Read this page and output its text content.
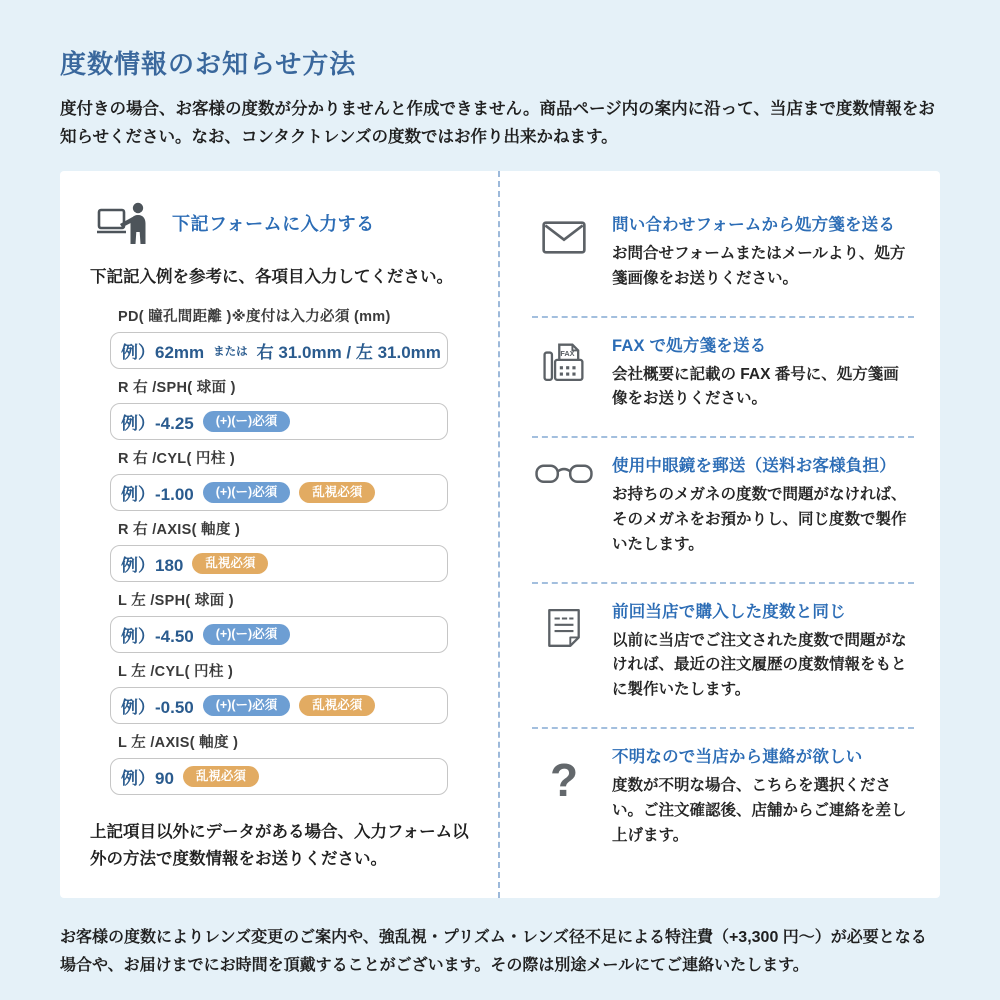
度数情報のお知らせ方法

度付きの場合、お客様の度数が分かりませんと作成できません。商品ページ内の案内に沿って、当店まで度数情報をお知らせください。なお、コンタクトレンズの度数ではお作り出来かねます。

下記フォームに入力する

下記記入例を参考に、各項目入力してください。

PD( 瞳孔間距離 )※度付は入力必須 (mm)
例）62mm または 右 31.0mm / 左 31.0mm
R 右 /SPH( 球面 )
例）-4.25	(+)(ー)必須
R 右 /CYL( 円柱 )
例）-1.00	(+)(ー)必須	乱視必須
R 右 /AXIS( 軸度 )
例）180	乱視必須
L 左 /SPH( 球面 )
例）-4.50	(+)(ー)必須
L 左 /CYL( 円柱 )
例）-0.50	(+)(ー)必須	乱視必須
L 左 /AXIS( 軸度 )
例）90	乱視必須

上記項目以外にデータがある場合、入力フォーム以外の方法で度数情報をお送りください。

問い合わせフォームから処方箋を送る
お問合せフォームまたはメールより、処方箋画像をお送りください。
FAX FAX で処方箋を送る
会社概要に記載の FAX 番号に、処方箋画像をお送りください。
使用中眼鏡を郵送（送料お客様負担）
お持ちのメガネの度数で問題がなければ、そのメガネをお預かりし、同じ度数で製作いたします。
前回当店で購入した度数と同じ
以前に当店でご注文された度数で問題がなければ、最近の注文履歴の度数情報をもとに製作いたします。
? 不明なので当店から連絡が欲しい
度数が不明な場合、こちらを選択ください。ご注文確認後、店舗からご連絡を差し上げます。

お客様の度数によりレンズ変更のご案内や、強乱視・プリズム・レンズ径不足による特注費（+3,300 円〜）が必要となる場合や、お届けまでにお時間を頂戴することがございます。その際は別途メールにてご連絡いたします。
